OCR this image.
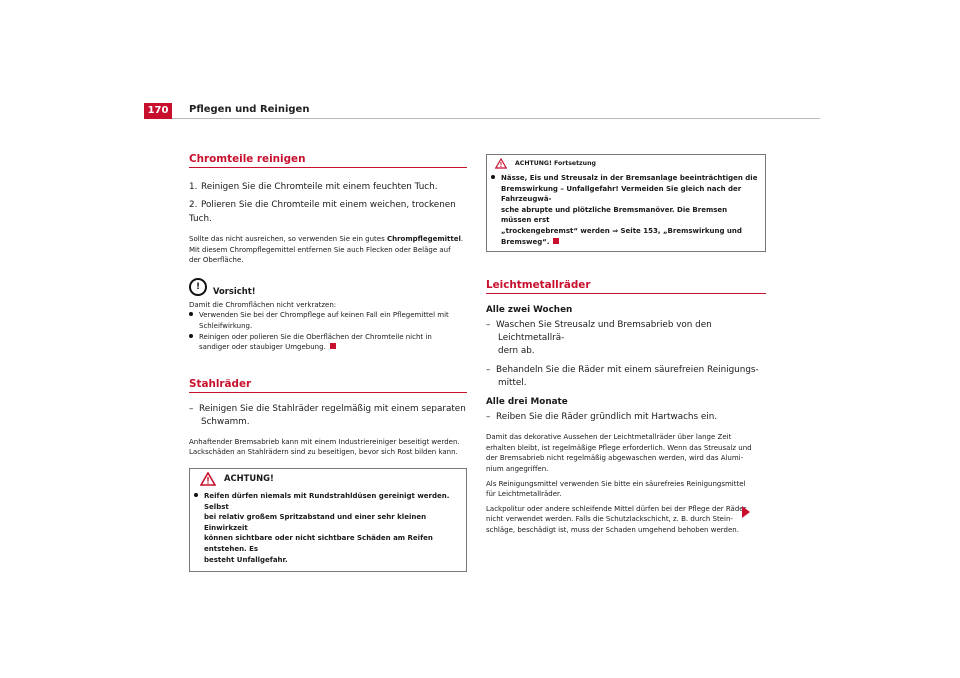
170	Pflegen und Reinigen
Chromteile reinigen

1. Reinigen Sie die Chromteile mit einem feuchten Tuch.

2. Polieren Sie die Chromteile mit einem weichen, trockenen Tuch.

Sollte das nicht ausreichen, so verwenden Sie ein gutes Chrompflegemittel.
Mit diesem Chrompflegemittel entfernen Sie auch Flecken oder Beläge auf
der Oberfläche.

!	Vorsicht!

Damit die Chromflächen nicht verkratzen:

Verwenden Sie bei der Chrompflege auf keinen Fall ein Pflegemittel mit
Schleifwirkung.

Reinigen oder polieren Sie die Oberflächen der Chromteile nicht in
sandiger oder staubiger Umgebung.

Stahlräder

–  Reinigen Sie die Stahlräder regelmäßig mit einem separaten
Schwamm.

Anhaftender Bremsabrieb kann mit einem Industriereiniger beseitigt werden.
Lackschäden an Stahlrädern sind zu beseitigen, bevor sich Rost bilden kann.

ACHTUNG!

Reifen dürfen niemals mit Rundstrahldüsen gereinigt werden. Selbst
bei relativ großem Spritzabstand und einer sehr kleinen Einwirkzeit
können sichtbare oder nicht sichtbare Schäden am Reifen entstehen. Es
besteht Unfallgefahr.

ACHTUNG! Fortsetzung

Nässe, Eis und Streusalz in der Bremsanlage beeinträchtigen die
Bremswirkung – Unfallgefahr! Vermeiden Sie gleich nach der Fahrzeugwä-
sche abrupte und plötzliche Bremsmanöver. Die Bremsen müssen erst
„trockengebremst“ werden ⇒ Seite 153, „Bremswirkung und
Bremsweg“.

Leichtmetallräder

Alle zwei Wochen

–  Waschen Sie Streusalz und Bremsabrieb von den Leichtmetallrä-
dern ab.

–  Behandeln Sie die Räder mit einem säurefreien Reinigungs-
mittel.

Alle drei Monate

–  Reiben Sie die Räder gründlich mit Hartwachs ein.

Damit das dekorative Aussehen der Leichtmetallräder über lange Zeit
erhalten bleibt, ist regelmäßige Pflege erforderlich. Wenn das Streusalz und
der Bremsabrieb nicht regelmäßig abgewaschen werden, wird das Alumi-
nium angegriffen.

Als Reinigungsmittel verwenden Sie bitte ein säurefreies Reinigungsmittel
für Leichtmetallräder.

Lackpolitur oder andere schleifende Mittel dürfen bei der Pflege der Räder
nicht verwendet werden. Falls die Schutzlackschicht, z. B. durch Stein-
schläge, beschädigt ist, muss der Schaden umgehend behoben werden.
